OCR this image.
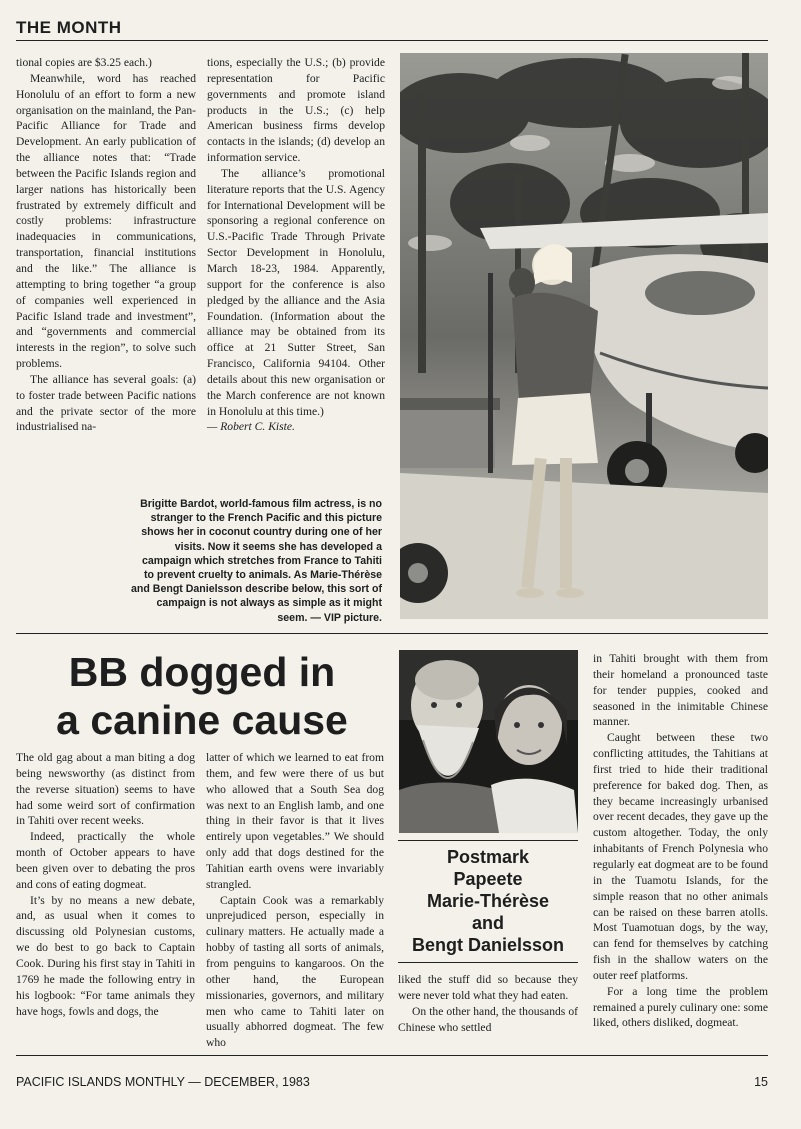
THE MONTH

tional copies are $3.25 each.)

Meanwhile, word has reached Honolulu of an effort to form a new organisation on the mainland, the Pan-Pacific Alliance for Trade and Development. An early publication of the alliance notes that: “Trade between the Pacific Islands region and larger nations has historically been frustrated by extremely difficult and costly problems: infrastructure inadequacies in communications, transportation, financial institutions and the like.” The alliance is attempting to bring together “a group of companies well experienced in Pacific Island trade and investment”, and “governments and commercial interests in the region”, to solve such problems.

The alliance has several goals: (a) to foster trade between Pacific nations and the private sector of the more industrialised na-

tions, especially the U.S.; (b) provide representation for Pacific governments and promote island products in the U.S.; (c) help American business firms develop contacts in the islands; (d) develop an information service.

The alliance’s promotional literature reports that the U.S. Agency for International Development will be sponsoring a regional conference on U.S.-Pacific Trade Through Private Sector Development in Honolulu, March 18-23, 1984. Apparently, support for the conference is also pledged by the alliance and the Asia Foundation. (Information about the alliance may be obtained from its office at 21 Sutter Street, San Francisco, California 94104. Other details about this new organisation or the March conference are not known in Honolulu at this time.)

— Robert C. Kiste.

Brigitte Bardot, world-famous film actress, is no stranger to the French Pacific and this picture shows her in coconut country during one of her visits. Now it seems she has developed a campaign which stretches from France to Tahiti to prevent cruelty to animals. As Marie-Thérèse and Bengt Danielsson describe below, this sort of campaign is not always as simple as it might seem. — VIP picture.
BB dogged in
a canine cause

The old gag about a man biting a dog being newsworthy (as distinct from the reverse situation) seems to have had some weird sort of confirmation in Tahiti over recent weeks.

Indeed, practically the whole month of October appears to have been given over to debating the pros and cons of eating dogmeat.

It’s by no means a new debate, and, as usual when it comes to discussing old Polynesian customs, we do best to go back to Captain Cook. During his first stay in Tahiti in 1769 he made the following entry in his logbook: “For tame animals they have hogs, fowls and dogs, the

latter of which we learned to eat from them, and few were there of us but who allowed that a South Sea dog was next to an English lamb, and one thing in their favor is that it lives entirely upon vegetables.” We should only add that dogs destined for the Tahitian earth ovens were invariably strangled.

Captain Cook was a remarkably unprejudiced person, especially in culinary matters. He actually made a hobby of tasting all sorts of animals, from penguins to kangaroos. On the other hand, the European missionaries, governors, and military men who came to Tahiti later on usually abhorred dogmeat. The few who

Postmark
Papeete
Marie-Thérèse
and
Bengt Danielsson

liked the stuff did so because they were never told what they had eaten.

On the other hand, the thousands of Chinese who settled

in Tahiti brought with them from their homeland a pronounced taste for tender puppies, cooked and seasoned in the inimitable Chinese manner.

Caught between these two conflicting attitudes, the Tahitians at first tried to hide their traditional preference for baked dog. Then, as they became increasingly urbanised over recent decades, they gave up the custom altogether. Today, the only inhabitants of French Polynesia who regularly eat dogmeat are to be found in the Tuamotu Islands, for the simple reason that no other animals can be raised on these barren atolls. Most Tuamotuan dogs, by the way, can fend for themselves by catching fish in the shallow waters on the outer reef platforms.

For a long time the problem remained a purely culinary one: some liked, others disliked, dogmeat.

PACIFIC ISLANDS MONTHLY — DECEMBER, 1983	15
